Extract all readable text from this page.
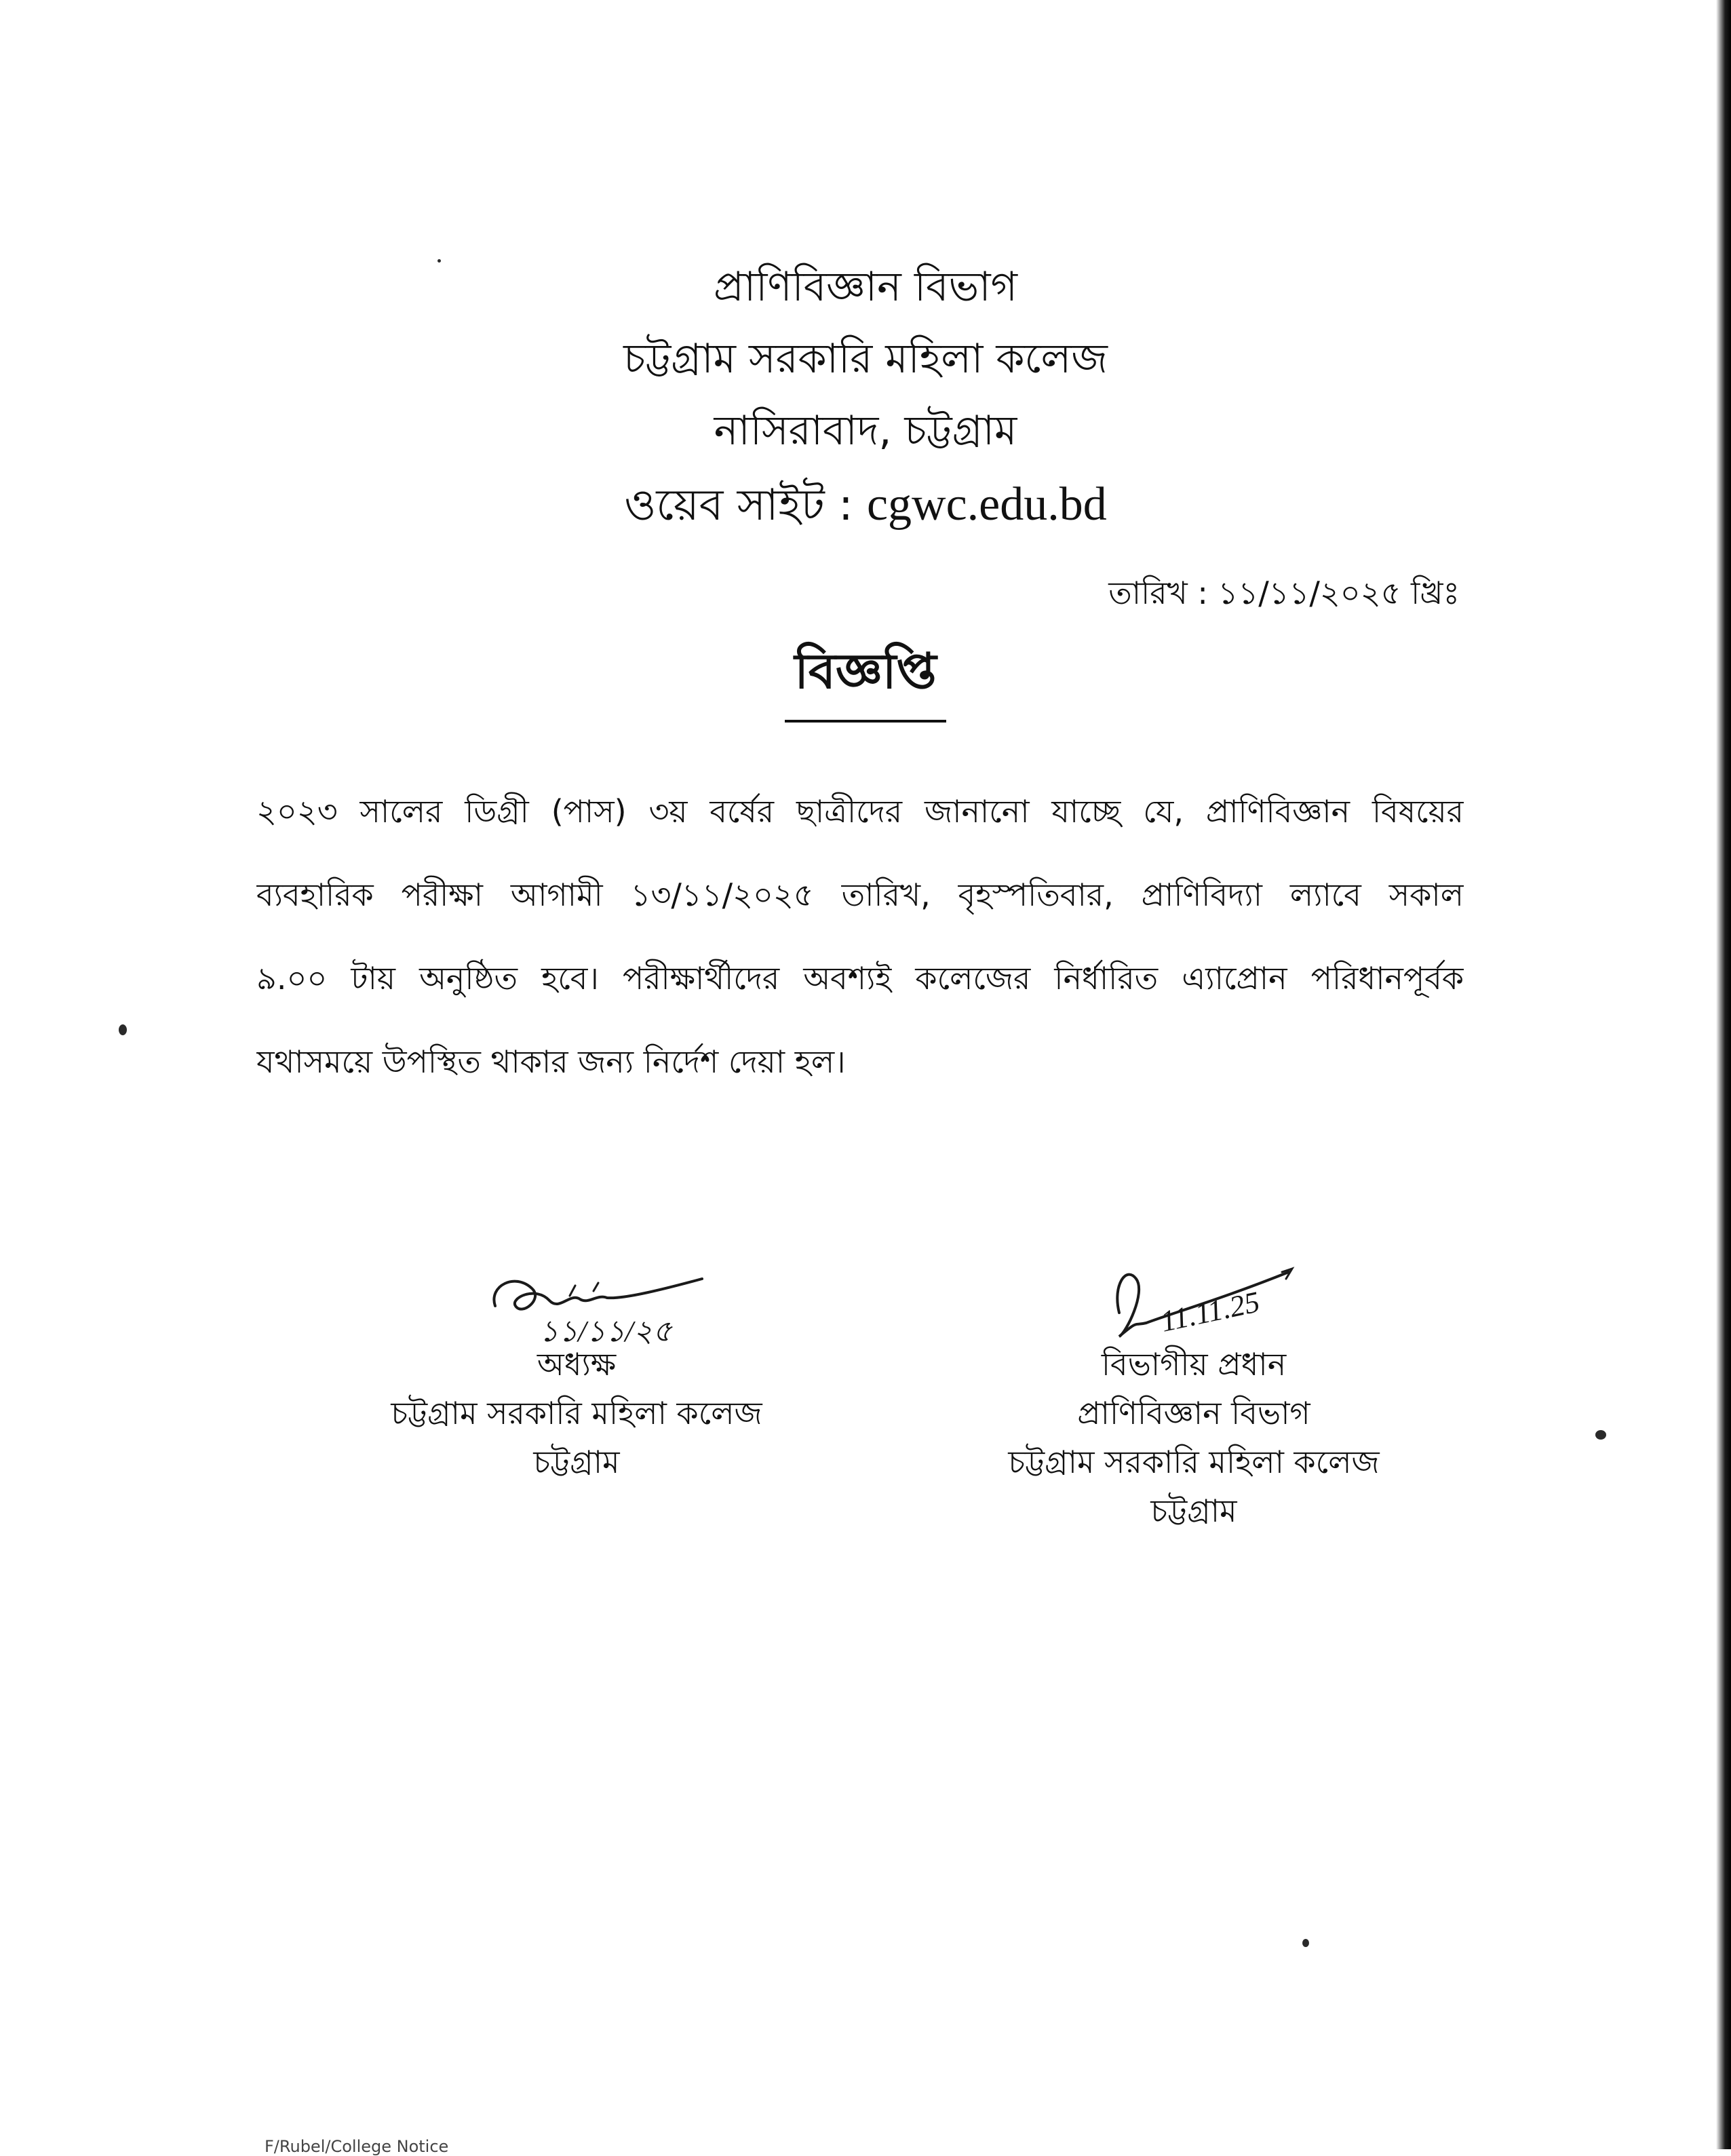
প্রাণিবিজ্ঞান বিভাগ
চট্টগ্রাম সরকারি মহিলা কলেজ
নাসিরাবাদ, চট্টগ্রাম
ওয়েব সাইট : cgwc.edu.bd
তারিখ : ১১/১১/২০২৫ খ্রিঃ
বিজ্ঞপ্তি
২০২৩ সালের ডিগ্রী (পাস) ৩য় বর্ষের ছাত্রীদের জানানো যাচ্ছে যে, প্রাণিবিজ্ঞান বিষয়ের
ব্যবহারিক পরীক্ষা আগামী ১৩/১১/২০২৫ তারিখ, বৃহস্পতিবার, প্রাণিবিদ্যা ল্যাবে সকাল
৯.০০ টায় অনুষ্ঠিত হবে। পরীক্ষার্থীদের অবশ্যই কলেজের নির্ধারিত এ্যাপ্রোন পরিধানপূর্বক
যথাসময়ে উপস্থিত থাকার জন্য নির্দেশ দেয়া হল।
১১/১১/২৫	11.11.25
অধ্যক্ষ
চট্টগ্রাম সরকারি মহিলা কলেজ
চট্টগ্রাম
বিভাগীয় প্রধান
প্রাণিবিজ্ঞান বিভাগ
চট্টগ্রাম সরকারি মহিলা কলেজ
চট্টগ্রাম
F/Rubel/College Notice
